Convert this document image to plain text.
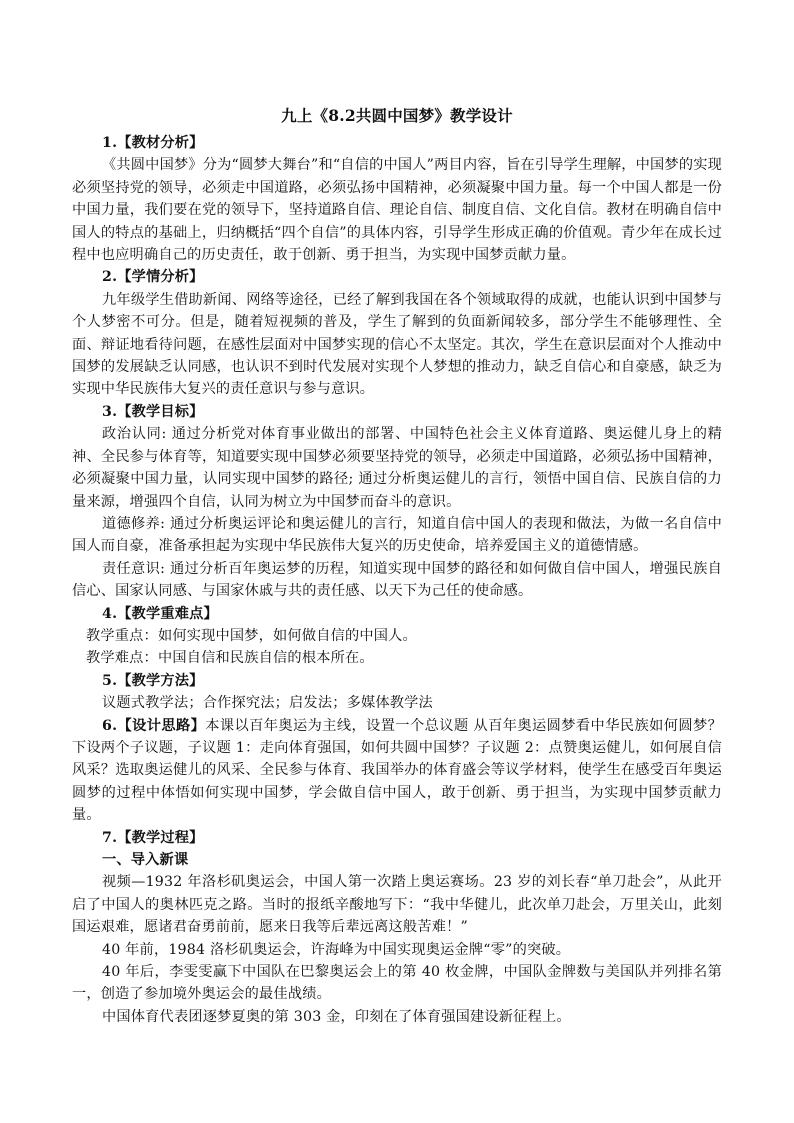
九上《8.2共圆中国梦》教学设计

1.【教材分析】

《共圆中国梦》分为“圆梦大舞台”和“自信的中国人”两目内容，旨在引导学生理解，中国梦的实现必须坚持党的领导，必须走中国道路，必须弘扬中国精神，必须凝聚中国力量。每一个中国人都是一份中国力量，我们要在党的领导下，坚持道路自信、理论自信、制度自信、文化自信。教材在明确自信中国人的特点的基础上，归纳概括“四个自信”的具体内容，引导学生形成正确的价值观。青少年在成长过程中也应明确自己的历史责任，敢于创新、勇于担当，为实现中国梦贡献力量。

2.【学情分析】

九年级学生借助新闻、网络等途径，已经了解到我国在各个领域取得的成就，也能认识到中国梦与个人梦密不可分。但是，随着短视频的普及，学生了解到的负面新闻较多，部分学生不能够理性、全面、辩证地看待问题，在感性层面对中国梦实现的信心不太坚定。其次，学生在意识层面对个人推动中国梦的发展缺乏认同感，也认识不到时代发展对实现个人梦想的推动力，缺乏自信心和自豪感，缺乏为实现中华民族伟大复兴的责任意识与参与意识。

3.【教学目标】

政治认同: 通过分析党对体育事业做出的部署、中国特色社会主义体育道路、奥运健儿身上的精神、全民参与体育等，知道要实现中国梦必须要坚持党的领导，必须走中国道路，必须弘扬中国精神，必须凝聚中国力量，认同实现中国梦的路径; 通过分析奥运健儿的言行，领悟中国自信、民族自信的力量来源，增强四个自信，认同为树立为中国梦而奋斗的意识。

道德修养: 通过分析奥运评论和奥运健儿的言行，知道自信中国人的表现和做法，为做一名自信中国人而自豪，准备承担起为实现中华民族伟大复兴的历史使命，培养爱国主义的道德情感。

责任意识: 通过分析百年奥运梦的历程，知道实现中国梦的路径和如何做自信中国人，增强民族自信心、国家认同感、与国家休戚与共的责任感、以天下为己任的使命感。

4.【教学重难点】

教学重点：如何实现中国梦，如何做自信的中国人。

教学难点：中国自信和民族自信的根本所在。

5.【教学方法】

议题式教学法；合作探究法；启发法；多媒体教学法

6.【设计思路】本课以百年奥运为主线，设置一个总议题 从百年奥运圆梦看中华民族如何圆梦？下设两个子议题，子议题 1：走向体育强国，如何共圆中国梦？子议题 2：点赞奥运健儿，如何展自信风采？选取奥运健儿的风采、全民参与体育、我国举办的体育盛会等议学材料，使学生在感受百年奥运圆梦的过程中体悟如何实现中国梦，学会做自信中国人，敢于创新、勇于担当，为实现中国梦贡献力量。

7.【教学过程】

一、导入新课

视频—1932 年洛杉矶奥运会，中国人第一次踏上奥运赛场。23 岁的刘长春“单刀赴会”，从此开启了中国人的奥林匹克之路。当时的报纸辛酸地写下：“我中华健儿，此次单刀赴会，万里关山，此刻国运艰难，愿诸君奋勇前前，愿来日我等后辈远离这般苦难！”

40 年前，1984 洛杉矶奥运会，许海峰为中国实现奥运金牌“零”的突破。

40 年后，李雯雯赢下中国队在巴黎奥运会上的第 40 枚金牌，中国队金牌数与美国队并列排名第一，创造了参加境外奥运会的最佳战绩。

中国体育代表团逐梦夏奥的第 303 金，印刻在了体育强国建设新征程上。
